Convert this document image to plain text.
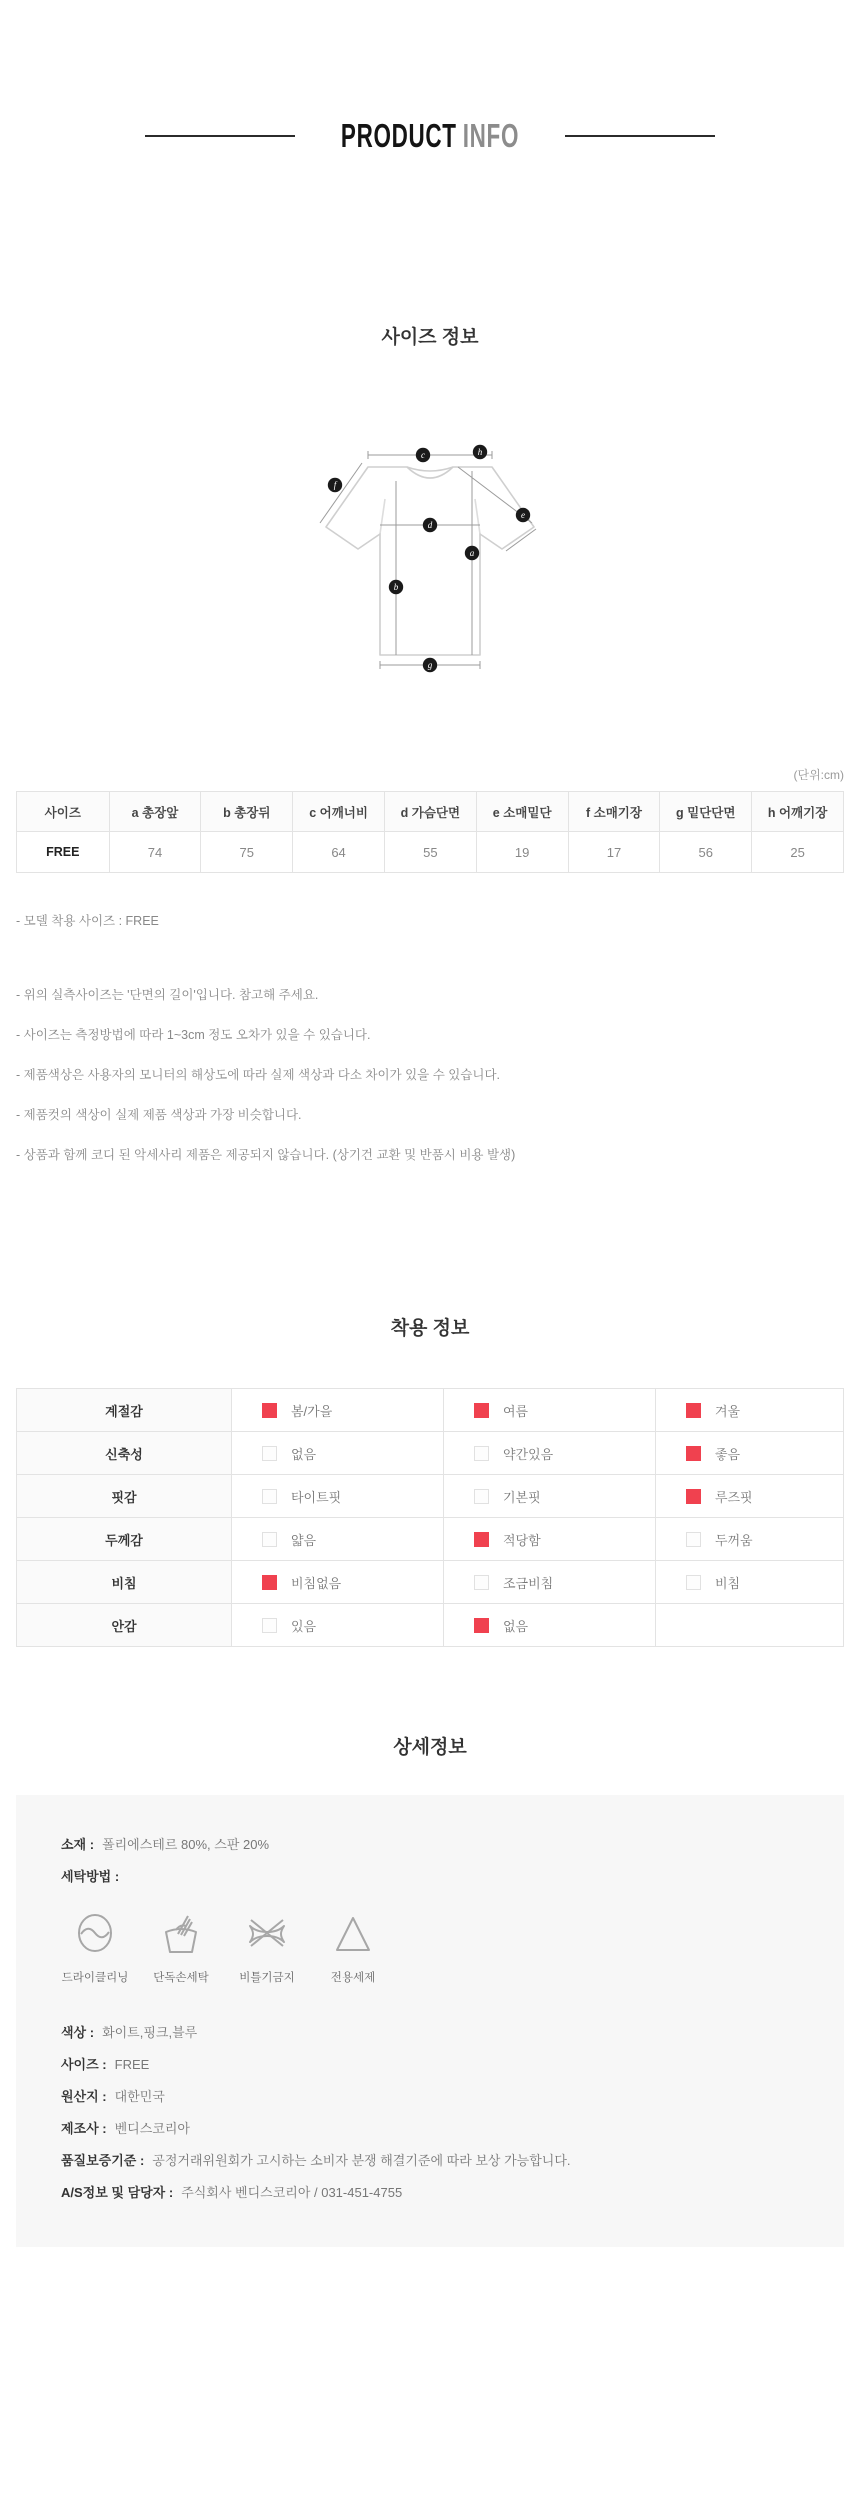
PRODUCT INFO
사이즈 정보
c	h
f
e
d
a
b
g
(단위:cm)
사이즈	a 총장앞	b 총장뒤	c 어깨너비	d 가슴단면	e 소매밑단	f 소매기장	g 밑단단면	h 어깨기장
FREE	74	75	64	55	19	17	56	25

- 모델 착용 사이즈 : FREE

- 위의 실측사이즈는 '단면의 길이'입니다. 참고해 주세요.

- 사이즈는 측정방법에 따라 1~3cm 정도 오차가 있을 수 있습니다.

- 제품색상은 사용자의 모니터의 해상도에 따라 실제 색상과 다소 차이가 있을 수 있습니다.

- 제품컷의 색상이 실제 제품 색상과 가장 비슷합니다.

- 상품과 함께 코디 된 악세사리 제품은 제공되지 않습니다. (상기건 교환 및 반품시 비용 발생)

착용 정보
계절감	봄/가을	여름	겨울
신축성	없음	약간있음	좋음
핏감	타이트핏	기본핏	루즈핏
두께감	얇음	적당함	두꺼움
비침	비침없음	조금비침	비침
안감	있음	없음	
상세정보

소재 : 폴리에스테르 80%, 스판 20%

세탁방법 :

드라이클리닝	단독손세탁	비틀기금지	전용세제

색상 : 화이트,핑크,블루

사이즈 : FREE

원산지 : 대한민국

제조사 : 벤디스코리아

품질보증기준 : 공정거래위원회가 고시하는 소비자 분쟁 해결기준에 따라 보상 가능합니다.

A/S정보 및 담당자 : 주식회사 벤디스코리아 / 031-451-4755
